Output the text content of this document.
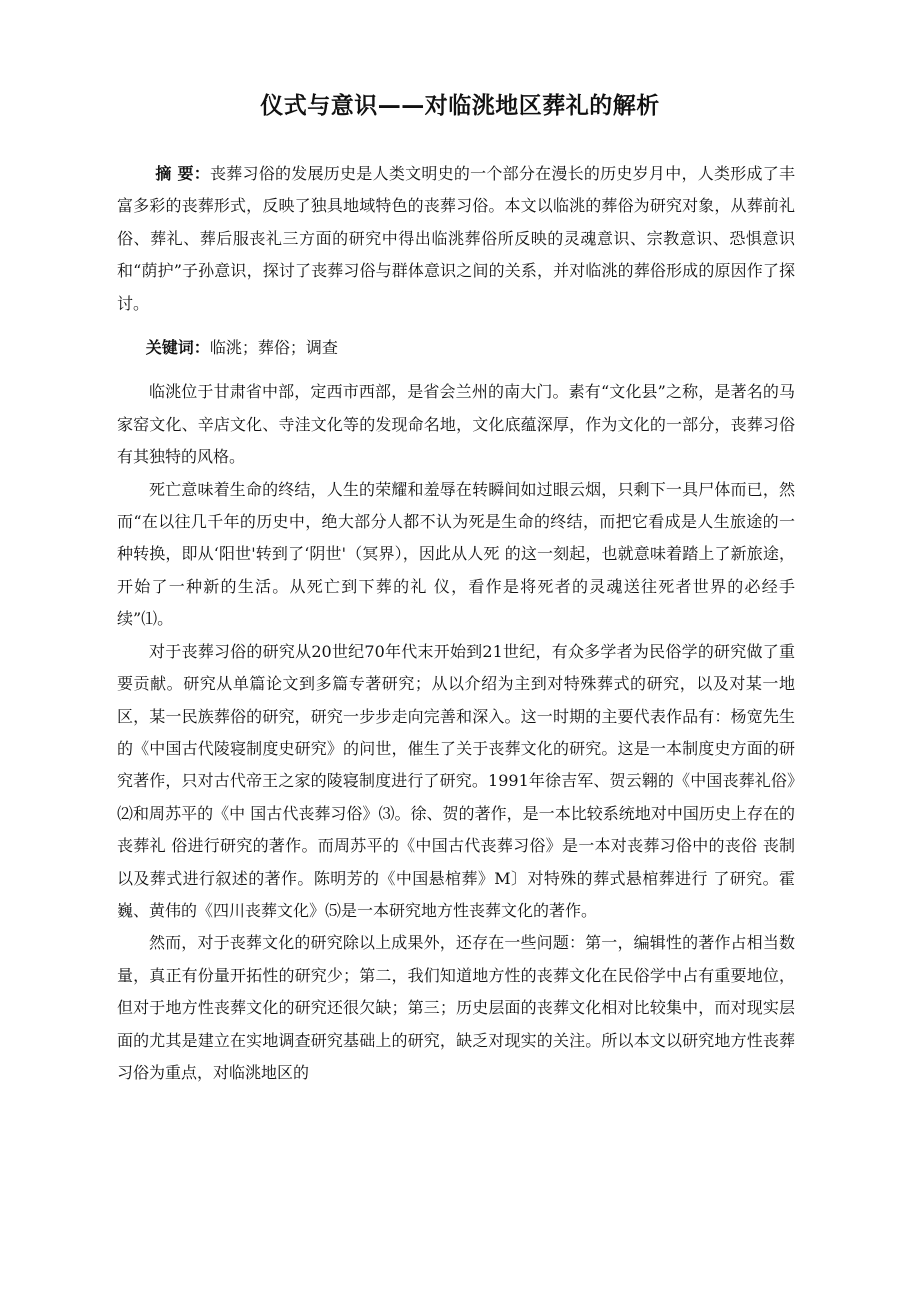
仪式与意识——对临洮地区葬礼的解析

摘 要：丧葬习俗的发展历史是人类文明史的一个部分在漫长的历史岁月中，人类形成了丰富多彩的丧葬形式，反映了独具地域特色的丧葬习俗。本文以临洮的葬俗为研究对象，从葬前礼俗、葬礼、葬后服丧礼三方面的研究中得出临洮葬俗所反映的灵魂意识、宗教意识、恐惧意识和“荫护”子孙意识，探讨了丧葬习俗与群体意识之间的关系，并对临洮的葬俗形成的原因作了探讨。

关键词：临洮；葬俗；调查

临洮位于甘肃省中部，定西市西部，是省会兰州的南大门。素有“文化县”之称，是著名的马家窑文化、辛店文化、寺洼文化等的发现命名地，文化底蕴深厚，作为文化的一部分，丧葬习俗有其独特的风格。

死亡意味着生命的终结，人生的荣耀和羞辱在转瞬间如过眼云烟，只剩下一具尸体而已，然而“在以往几千年的历史中，绝大部分人都不认为死是生命的终结，而把它看成是人生旅途的一种转换，即从‘阳世'转到了‘阴世'（冥界），因此从人死 的这一刻起，也就意味着踏上了新旅途，开始了一种新的生活。从死亡到下葬的礼 仪，看作是将死者的灵魂送往死者世界的必经手续”⑴。

对于丧葬习俗的研究从20世纪70年代末开始到21世纪，有众多学者为民俗学的研究做了重要贡献。研究从单篇论文到多篇专著研究；从以介绍为主到对特殊葬式的研究，以及对某一地区，某一民族葬俗的研究，研究一步步走向完善和深入。这一时期的主要代表作品有：杨宽先生的《中国古代陵寝制度史研究》的问世，催生了关于丧葬文化的研究。这是一本制度史方面的研究著作，只对古代帝王之家的陵寝制度进行了研究。1991年徐吉军、贺云翱的《中国丧葬礼俗》⑵和周苏平的《中 国古代丧葬习俗》⑶。徐、贺的著作，是一本比较系统地对中国历史上存在的丧葬礼 俗进行研究的著作。而周苏平的《中国古代丧葬习俗》是一本对丧葬习俗中的丧俗 丧制以及葬式进行叙述的著作。陈明芳的《中国悬棺葬》M〕对特殊的葬式悬棺葬进行 了研究。霍巍、黄伟的《四川丧葬文化》⑸是一本研究地方性丧葬文化的著作。

然而，对于丧葬文化的研究除以上成果外，还存在一些问题：第一，编辑性的著作占相当数量，真正有份量开拓性的研究少；第二，我们知道地方性的丧葬文化在民俗学中占有重要地位，但对于地方性丧葬文化的研究还很欠缺；第三；历史层面的丧葬文化相对比较集中，而对现实层面的尤其是建立在实地调查研究基础上的研究，缺乏对现实的关注。所以本文以研究地方性丧葬习俗为重点，对临洮地区的
